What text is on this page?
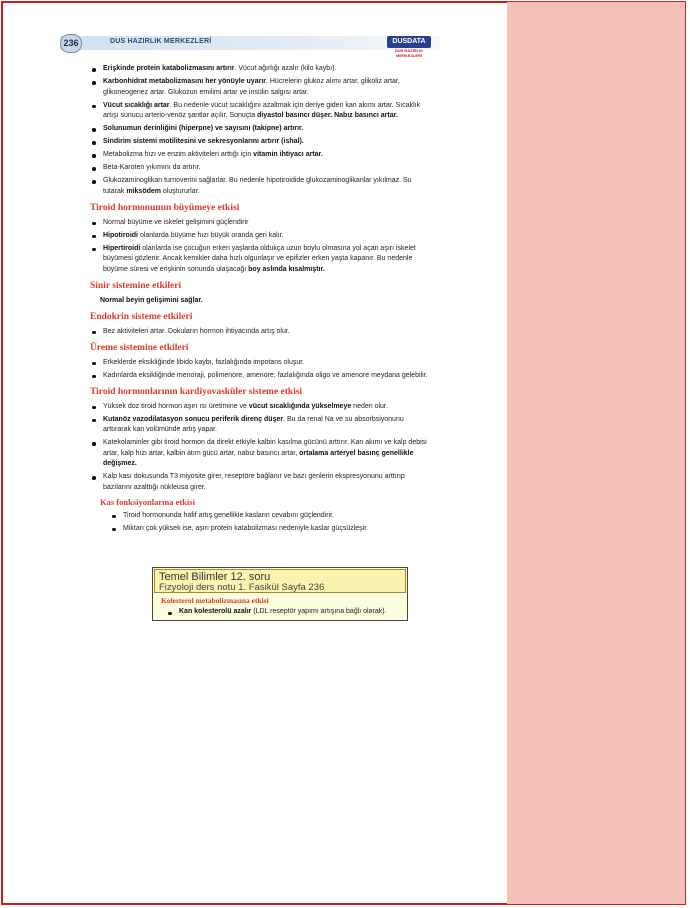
236	DUS HAZIRLIK MERKEZLERİ	DUSDATA
DUS HAZIRLIK MERKEZLERİ
Erişkinde protein katabolizmasını artırır. Vücut ağırlığı azalır (kilo kaybı).
Karbonhidrat metabolizmasını her yönüyle uyarır. Hücrelerin glukoz alımı artar, glikoliz artar, glikoneogenez artar. Glukozun emilimi artar ve insülin salgısı artar.
Vücut sıcaklığı artar. Bu nedenle vücut sıcaklığını azaltmak için deriye giden kan akımı artar. Sıcaklık artışı sunucu arterio-venöz şantlar açılır. Sonuçta diyastol basıncı düşer. Nabız basıncı artar.
Solunumun derinliğini (hiperpne) ve sayısını (takipne) artırır.
Sindirim sistemi motilitesini ve sekresyonlarını artırır (ishal).
Metabolizma hızı ve enzim aktiviteleri arttığı için vitamin ihtiyacı artar.
Beta-Karoten yıkımını da artırır.
Glukozaminoglikan turnoverini sağlarlar. Bu nedenle hipotiroidide glukozaminoglikanlar yıkılmaz. Su tutarak miksödem oluştururlar.
Tiroid hormonunun büyümeye etkisi
Normal büyüme ve iskelet gelişimini güçlendirir
Hipotiroidi olanlarda büyüme hızı büyük oranda geri kalır.
Hipertiroidi olanlarda ise çocuğun erken yaşlarda oldukça uzun boylu olmasına yol açan aşırı iskelet büyümesi gözlenir. Ancak kemikler daha hızlı olgunlaşır ve epifizler erken yaşta kapanır. Bu nedenle büyüme süresi ve erişkinin sonunda ulaşacağı boy aslında kısalmıştır.
Sinir sistemine etkileri
Normal beyin gelişimini sağlar.
Endokrin sisteme etkileri
Bez aktiviteleri artar. Dokuların hormon ihtiyacında artış olur.
Üreme sistemine etkileri
Erkeklerde eksikliğinde libido kaybı, fazlalığında impotans oluşur.
Kadınlarda eksikliğinde menoraji, polimenore, amenore; fazlalığında oligo ve amenore meydana gelebilir.
Tiroid hormonlarının kardiyovasküler sisteme etkisi
Yüksek doz tiroid hormon aşırı ısı üretimine ve vücut sıcaklığında yükselmeye neden olur.
Kutanöz vazodilatasyon sonucu periferik direnç düşer. Bu da renal Na ve su absorbsiyonunu arttırarak kan volümünde artış yapar.
Katekolaminler gibi tiroid hormon da direkt etkiyle kalbin kasılma gücünü arttırır. Kan akımı ve kalp debisi artar, kalp hızı artar, kalbin atım gücü artar, nabız basıncı artar, ortalama arteryel basınç genellikle değişmez.
Kalp kası dokusunda T3 miyosite girer, reseptöre bağlanır ve bazı genlerin ekspresyonunu arttırıp bazılarını azalttığı nükleusa girer.
Kas fonksiyonlarına etkisi
Tiroid hormonunda hafif artış genellikle kasların cevabını güçlendirir.
Miktarı çok yüksek ise, aşırı protein katabolizması nedeniyle kaslar güçsüzleşir.
Temel Bilimler 12. soru
Fizyoloji ders notu 1. Fasikül Sayfa 236
Kolesterol metabolizmasına etkisi
Kan kolesterolü azalır (LDL reseptör yapımı artışına bağlı olarak).
